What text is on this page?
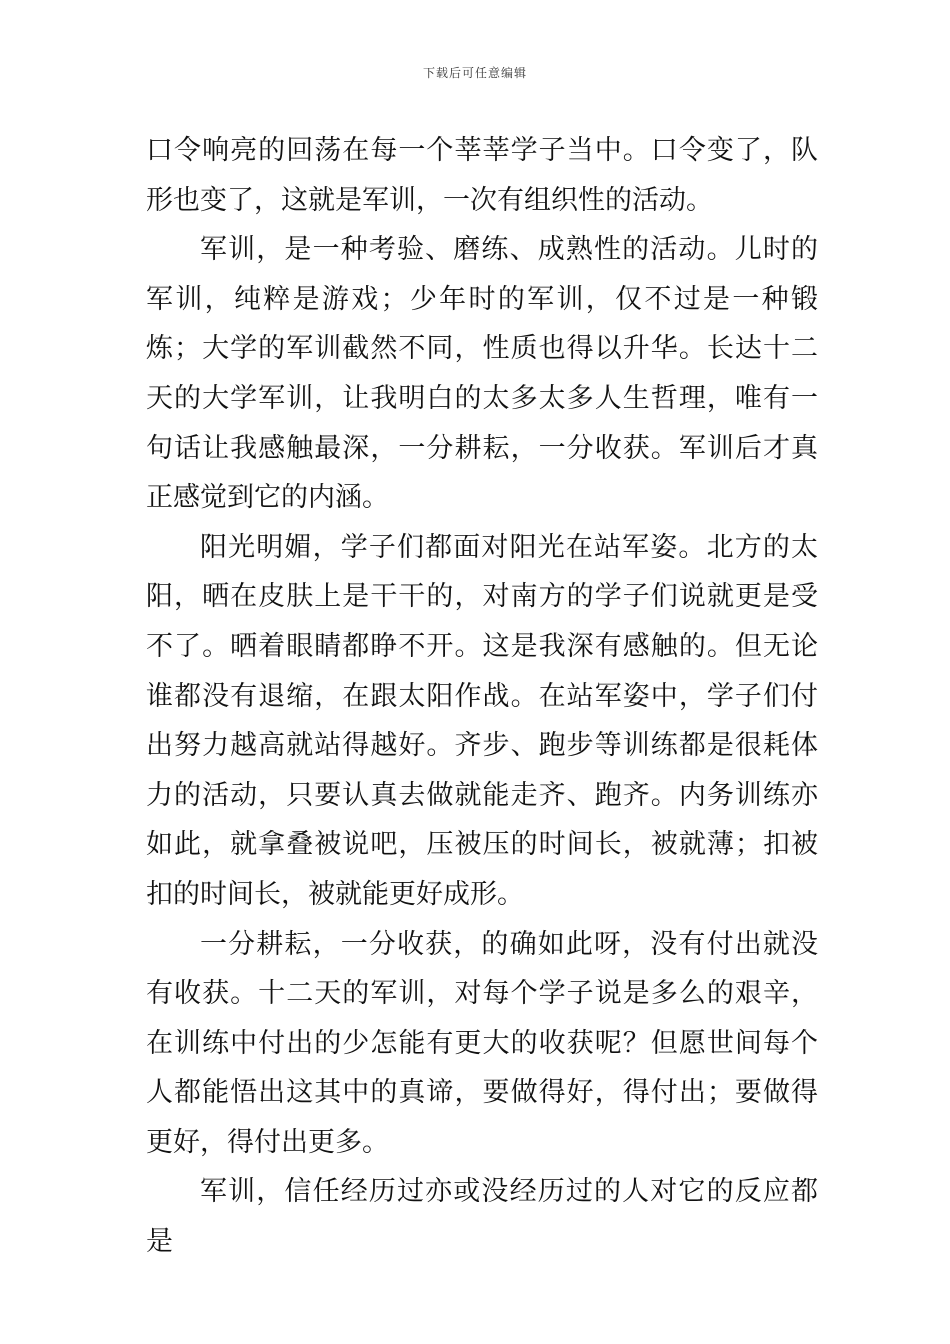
下载后可任意编辑

口令响亮的回荡在每一个莘莘学子当中。口令变了，队形也变了，这就是军训，一次有组织性的活动。

军训，是一种考验、磨练、成熟性的活动。儿时的军训，纯粹是游戏；少年时的军训，仅不过是一种锻炼；大学的军训截然不同，性质也得以升华。长达十二天的大学军训，让我明白的太多太多人生哲理，唯有一句话让我感触最深，一分耕耘，一分收获。军训后才真正感觉到它的内涵。

阳光明媚，学子们都面对阳光在站军姿。北方的太阳，晒在皮肤上是干干的，对南方的学子们说就更是受不了。晒着眼睛都睁不开。这是我深有感触的。但无论谁都没有退缩，在跟太阳作战。在站军姿中，学子们付出努力越高就站得越好。齐步、跑步等训练都是很耗体力的活动，只要认真去做就能走齐、跑齐。内务训练亦如此，就拿叠被说吧，压被压的时间长，被就薄；扣被扣的时间长，被就能更好成形。

一分耕耘，一分收获，的确如此呀，没有付出就没有收获。十二天的军训，对每个学子说是多么的艰辛，在训练中付出的少怎能有更大的收获呢？但愿世间每个人都能悟出这其中的真谛，要做得好，得付出；要做得更好，得付出更多。

军训，信任经历过亦或没经历过的人对它的反应都是
